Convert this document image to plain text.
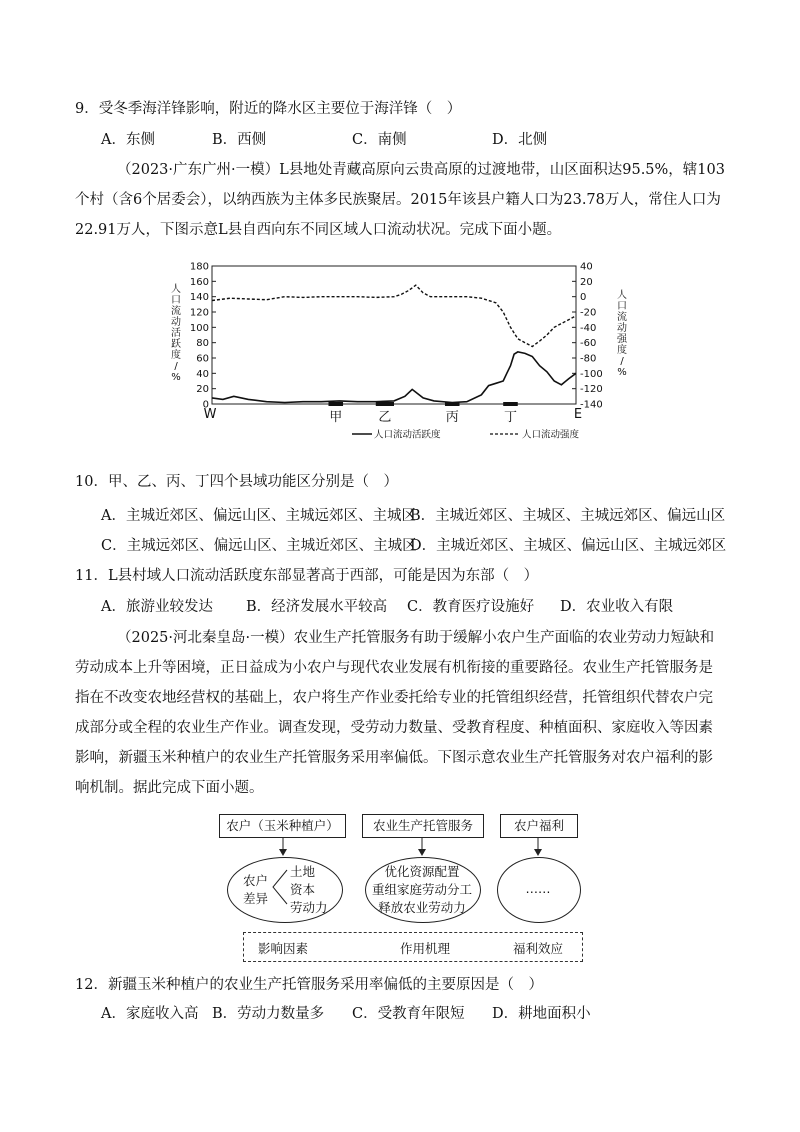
9．受冬季海洋锋影响，附近的降水区主要位于海洋锋（　）
A．东侧	B．西侧	C．南侧	D．北侧
（2023·广东广州·一模）L县地处青藏高原向云贵高原的过渡地带，山区面积达95.5%，辖103个村（含6个居委会），以纳西族为主体多民族聚居。2015年该县户籍人口为23.78万人，常住人口为22.91万人，下图示意L县自西向东不同区域人口流动状况。完成下面小题。
0
20
40
60
80
100
120
140
160
180	40
20
0
-20
-40
-60
-80
-100
-120
-140
人
口
流
动
活
跃
度
/
%
人
口
流
动
强
度
/
%
甲	乙	丙	丁
W	E
人口流动活跃度	人口流动强度
10．甲、乙、丙、丁四个县域功能区分别是（　）
A．主城近郊区、偏远山区、主城远郊区、主城区
B．主城近郊区、主城区、主城远郊区、偏远山区
C．主城远郊区、偏远山区、主城近郊区、主城区
D．主城近郊区、主城区、偏远山区、主城远郊区
11．L县村域人口流动活跃度东部显著高于西部，可能是因为东部（　）
A．旅游业较发达 B．经济发展水平较高 C．教育医疗设施好 D．农业收入有限
（2025·河北秦皇岛·一模）农业生产托管服务有助于缓解小农户生产面临的农业劳动力短缺和劳动成本上升等困境，正日益成为小农户与现代农业发展有机衔接的重要路径。农业生产托管服务是指在不改变农地经营权的基础上，农户将生产作业委托给专业的托管组织经营，托管组织代替农户完成部分或全程的农业生产作业。调查发现，受劳动力数量、受教育程度、种植面积、家庭收入等因素影响，新疆玉米种植户的农业生产托管服务采用率偏低。下图示意农业生产托管服务对农户福利的影响机制。据此完成下面小题。
农户（玉米种植户）	农业生产托管服务	农户福利
农户
差异
土地
资本
劳动力
优化资源配置
重组家庭劳动分工
释放农业劳动力
……
影响因素	作用机理	福利效应
12．新疆玉米种植户的农业生产托管服务采用率偏低的主要原因是（　）
A．家庭收入高 B．劳动力数量多 C．受教育年限短 D．耕地面积小
